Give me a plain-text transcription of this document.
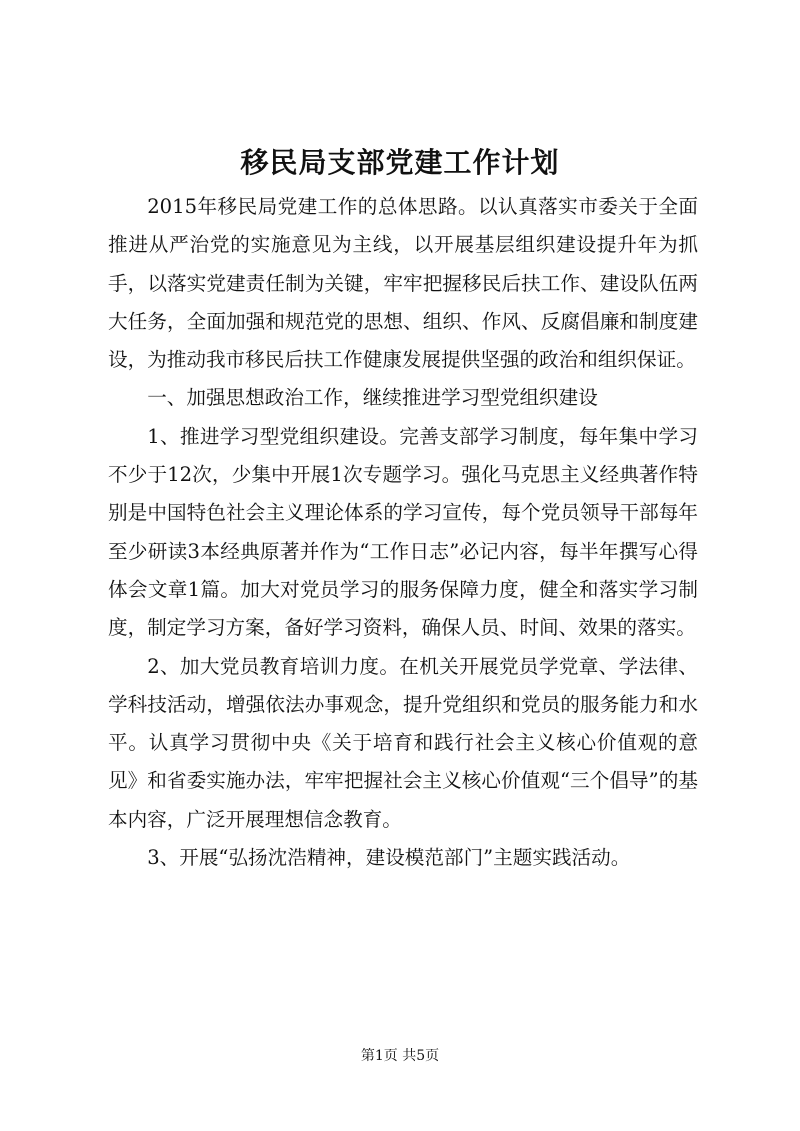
移民局支部党建工作计划

2015年移民局党建工作的总体思路。以认真落实市委关于全面推进从严治党的实施意见为主线，以开展基层组织建设提升年为抓手，以落实党建责任制为关键，牢牢把握移民后扶工作、建设队伍两大任务，全面加强和规范党的思想、组织、作风、反腐倡廉和制度建设，为推动我市移民后扶工作健康发展提供坚强的政治和组织保证。

一、加强思想政治工作，继续推进学习型党组织建设

1、推进学习型党组织建设。完善支部学习制度，每年集中学习不少于12次，少集中开展1次专题学习。强化马克思主义经典著作特别是中国特色社会主义理论体系的学习宣传，每个党员领导干部每年至少研读3本经典原著并作为“工作日志”必记内容，每半年撰写心得体会文章1篇。加大对党员学习的服务保障力度，健全和落实学习制度，制定学习方案，备好学习资料，确保人员、时间、效果的落实。

2、加大党员教育培训力度。在机关开展党员学党章、学法律、学科技活动，增强依法办事观念，提升党组织和党员的服务能力和水平。认真学习贯彻中央《关于培育和践行社会主义核心价值观的意见》和省委实施办法，牢牢把握社会主义核心价值观“三个倡导”的基本内容，广泛开展理想信念教育。

3、开展“弘扬沈浩精神，建设模范部门”主题实践活动。

第1页 共5页
